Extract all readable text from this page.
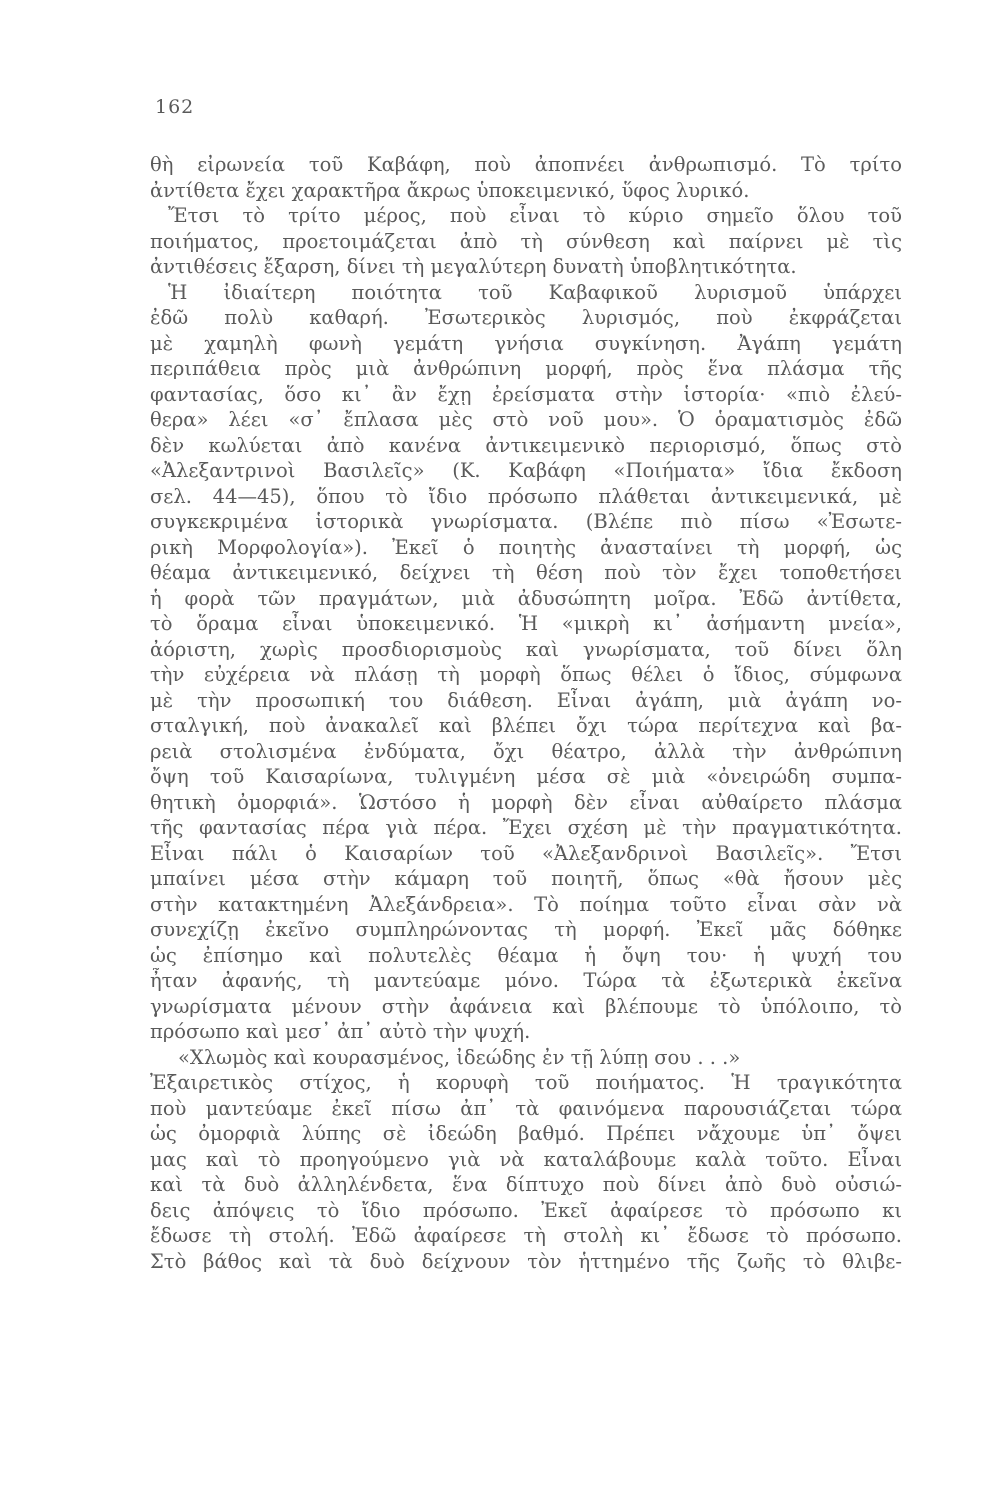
162
θὴ εἰρωνεία τοῦ Καβάφη, ποὺ ἀποπνέει ἀνθρωπισμό. Τὸ τρίτο
ἀντίθετα ἔχει χαρακτῆρα ἄκρως ὑποκειμενικό, ὕφος λυρικό.
Ἔτσι τὸ τρίτο μέρος, ποὺ εἶναι τὸ κύριο σημεῖο ὅλου τοῦ
ποιήματος, προετοιμάζεται ἀπὸ τὴ σύνθεση καὶ παίρνει μὲ τὶς
ἀντιθέσεις ἔξαρση, δίνει τὴ μεγαλύτερη δυνατὴ ὑποβλητικότητα.
Ἡ ἰδιαίτερη ποιότητα τοῦ Καβαφικοῦ λυρισμοῦ ὑπάρχει
ἐδῶ πολὺ καθαρή. Ἐσωτερικὸς λυρισμός, ποὺ ἐκφράζεται
μὲ χαμηλὴ φωνὴ γεμάτη γνήσια συγκίνηση. Ἀγάπη γεμάτη
περιπάθεια πρὸς μιὰ ἀνθρώπινη μορφή, πρὸς ἕνα πλάσμα τῆς
φαντασίας, ὅσο κι᾽ ἂν ἔχῃ ἐρείσματα στὴν ἱστορία· «πιὸ ἐλεύ-
θερα» λέει «σ᾽ ἔπλασα μὲς στὸ νοῦ μου». Ὁ ὁραματισμὸς ἐδῶ
δὲν κωλύεται ἀπὸ κανένα ἀντικειμενικὸ περιορισμό, ὅπως στὸ
«Ἀλεξαντρινοὶ Βασιλεῖς» (Κ. Καβάφη «Ποιήματα» ἴδια ἔκδοση
σελ. 44—45), ὅπου τὸ ἴδιο πρόσωπο πλάθεται ἀντικειμενικά, μὲ
συγκεκριμένα ἱστορικὰ γνωρίσματα. (Βλέπε πιὸ πίσω «Ἐσωτε-
ρικὴ Μορφολογία»). Ἐκεῖ ὁ ποιητὴς ἀνασταίνει τὴ μορφή, ὡς
θέαμα ἀντικειμενικό, δείχνει τὴ θέση ποὺ τὸν ἔχει τοποθετήσει
ἡ φορὰ τῶν πραγμάτων, μιὰ ἀδυσώπητη μοῖρα. Ἐδῶ ἀντίθετα,
τὸ ὅραμα εἶναι ὑποκειμενικό. Ἡ «μικρὴ κι᾽ ἀσήμαντη μνεία»,
ἀόριστη, χωρὶς προσδιορισμοὺς καὶ γνωρίσματα, τοῦ δίνει ὅλη
τὴν εὐχέρεια νὰ πλάσῃ τὴ μορφὴ ὅπως θέλει ὁ ἴδιος, σύμφωνα
μὲ τὴν προσωπική του διάθεση. Εἶναι ἀγάπη, μιὰ ἀγάπη νο-
σταλγική, ποὺ ἀνακαλεῖ καὶ βλέπει ὄχι τώρα περίτεχνα καὶ βα-
ρειὰ στολισμένα ἐνδύματα, ὄχι θέατρο, ἀλλὰ τὴν ἀνθρώπινη
ὄψη τοῦ Καισαρίωνα, τυλιγμένη μέσα σὲ μιὰ «ὀνειρώδη συμπα-
θητικὴ ὀμορφιά». Ὡστόσο ἡ μορφὴ δὲν εἶναι αὐθαίρετο πλάσμα
τῆς φαντασίας πέρα γιὰ πέρα. Ἔχει σχέση μὲ τὴν πραγματικότητα.
Εἶναι πάλι ὁ Καισαρίων τοῦ «Ἀλεξανδρινοὶ Βασιλεῖς». Ἔτσι
μπαίνει μέσα στὴν κάμαρη τοῦ ποιητῆ, ὅπως «θὰ ἤσουν μὲς
στὴν κατακτημένη Ἀλεξάνδρεια». Τὸ ποίημα τοῦτο εἶναι σὰν νὰ
συνεχίζῃ ἐκεῖνο συμπληρώνοντας τὴ μορφή. Ἐκεῖ μᾶς δόθηκε
ὡς ἐπίσημο καὶ πολυτελὲς θέαμα ἡ ὄψη του· ἡ ψυχή του
ἦταν ἀφανής, τὴ μαντεύαμε μόνο. Τώρα τὰ ἐξωτερικὰ ἐκεῖνα
γνωρίσματα μένουν στὴν ἀφάνεια καὶ βλέπουμε τὸ ὑπόλοιπο, τὸ
πρόσωπο καὶ μεσ᾽ ἀπ᾽ αὐτὸ τὴν ψυχή.
«Χλωμὸς καὶ κουρασμένος, ἰδεώδης ἐν τῇ λύπῃ σου . . .»
Ἐξαιρετικὸς στίχος, ἡ κορυφὴ τοῦ ποιήματος. Ἡ τραγικότητα
ποὺ μαντεύαμε ἐκεῖ πίσω ἀπ᾽ τὰ φαινόμενα παρουσιάζεται τώρα
ὡς ὀμορφιὰ λύπης σὲ ἰδεώδη βαθμό. Πρέπει νἄχουμε ὑπ᾽ ὄψει
μας καὶ τὸ προηγούμενο γιὰ νὰ καταλάβουμε καλὰ τοῦτο. Εἶναι
καὶ τὰ δυὸ ἀλληλένδετα, ἕνα δίπτυχο ποὺ δίνει ἀπὸ δυὸ οὐσιώ-
δεις ἀπόψεις τὸ ἴδιο πρόσωπο. Ἐκεῖ ἀφαίρεσε τὸ πρόσωπο κι
ἔδωσε τὴ στολή. Ἐδῶ ἀφαίρεσε τὴ στολὴ κι᾽ ἔδωσε τὸ πρόσωπο.
Στὸ βάθος καὶ τὰ δυὸ δείχνουν τὸν ἡττημένο τῆς ζωῆς τὸ θλιβε-
